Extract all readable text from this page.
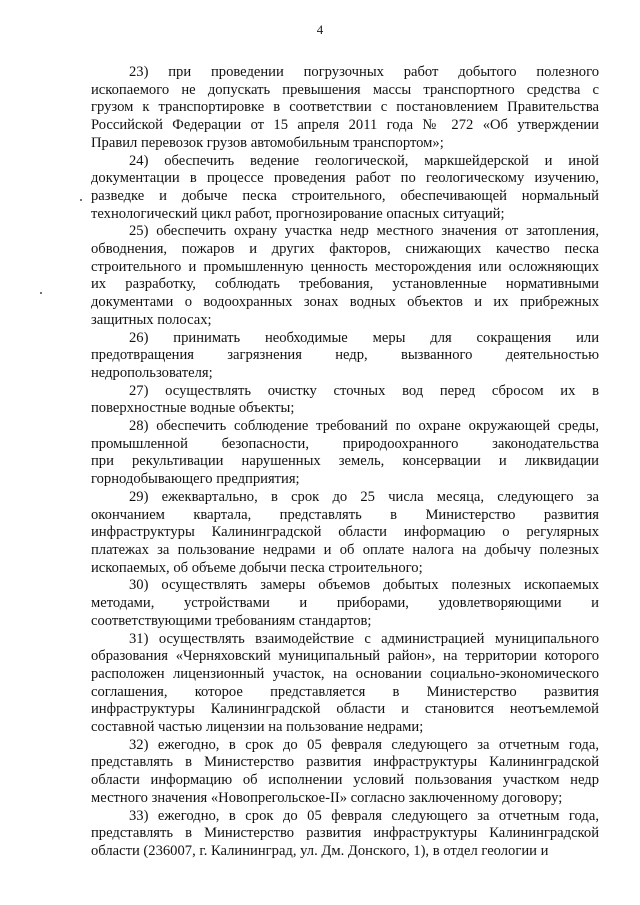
4
23) при проведении погрузочных работ добытого полезного
ископаемого не допускать превышения массы транспортного средства с
грузом к транспортировке в соответствии с постановлением Правительства
Российской Федерации от 15 апреля 2011 года № 272 «Об утверждении
Правил перевозок грузов автомобильным транспортом»;
24) обеспечить ведение геологической, маркшейдерской и иной
документации в процессе проведения работ по геологическому изучению,
разведке и добыче песка строительного, обеспечивающей нормальный
технологический цикл работ, прогнозирование опасных ситуаций;
25) обеспечить охрану участка недр местного значения от затопления,
обводнения, пожаров и других факторов, снижающих качество песка
строительного и промышленную ценность месторождения или осложняющих
их разработку, соблюдать требования, установленные нормативными
документами о водоохранных зонах водных объектов и их прибрежных
защитных полосах;
26) принимать необходимые меры для сокращения или
предотвращения загрязнения недр, вызванного деятельностью
недропользователя;
27) осуществлять очистку сточных вод перед сбросом их в
поверхностные водные объекты;
28) обеспечить соблюдение требований по охране окружающей среды,
промышленной безопасности, природоохранного законодательства
при рекультивации нарушенных земель, консервации и ликвидации
горнодобывающего предприятия;
29) ежеквартально, в срок до 25 числа месяца, следующего за
окончанием квартала, представлять в Министерство развития
инфраструктуры Калининградской области информацию о регулярных
платежах за пользование недрами и об оплате налога на добычу полезных
ископаемых, об объеме добычи песка строительного;
30) осуществлять замеры объемов добытых полезных ископаемых
методами, устройствами и приборами, удовлетворяющими и
соответствующими требованиям стандартов;
31) осуществлять взаимодействие с администрацией муниципального
образования «Черняховский муниципальный район», на территории которого
расположен лицензионный участок, на основании социально-экономического
соглашения, которое представляется в Министерство развития
инфраструктуры Калининградской области и становится неотъемлемой
составной частью лицензии на пользование недрами;
32) ежегодно, в срок до 05 февраля следующего за отчетным года,
представлять в Министерство развития инфраструктуры Калининградской
области информацию об исполнении условий пользования участком недр
местного значения «Новопрегольское-II» согласно заключенному договору;
33) ежегодно, в срок до 05 февраля следующего за отчетным года,
представлять в Министерство развития инфраструктуры Калининградской
области (236007, г. Калининград, ул. Дм. Донского, 1), в отдел геологии и
